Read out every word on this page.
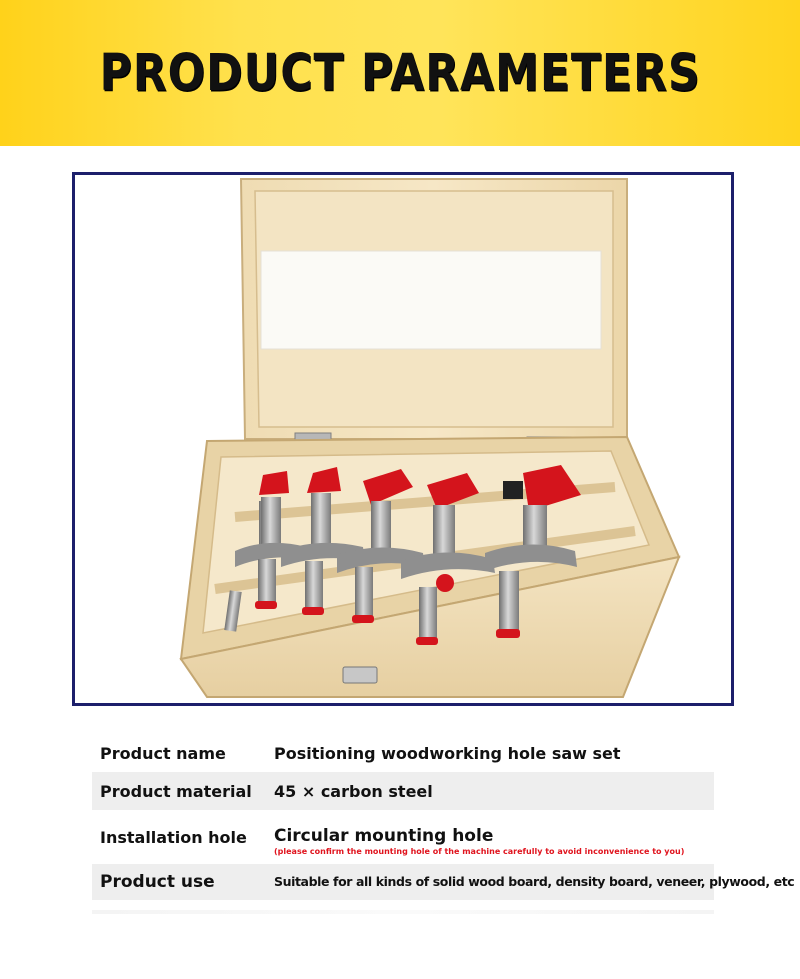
PRODUCT PARAMETERS
Product name	Positioning woodworking hole saw set
Product material 45 × carbon steel
Installation hole Circular mounting hole
(please confirm the mounting hole of the machine carefully to avoid inconvenience to you)
Product use	Suitable for all kinds of solid wood board, density board, veneer, plywood, etc
